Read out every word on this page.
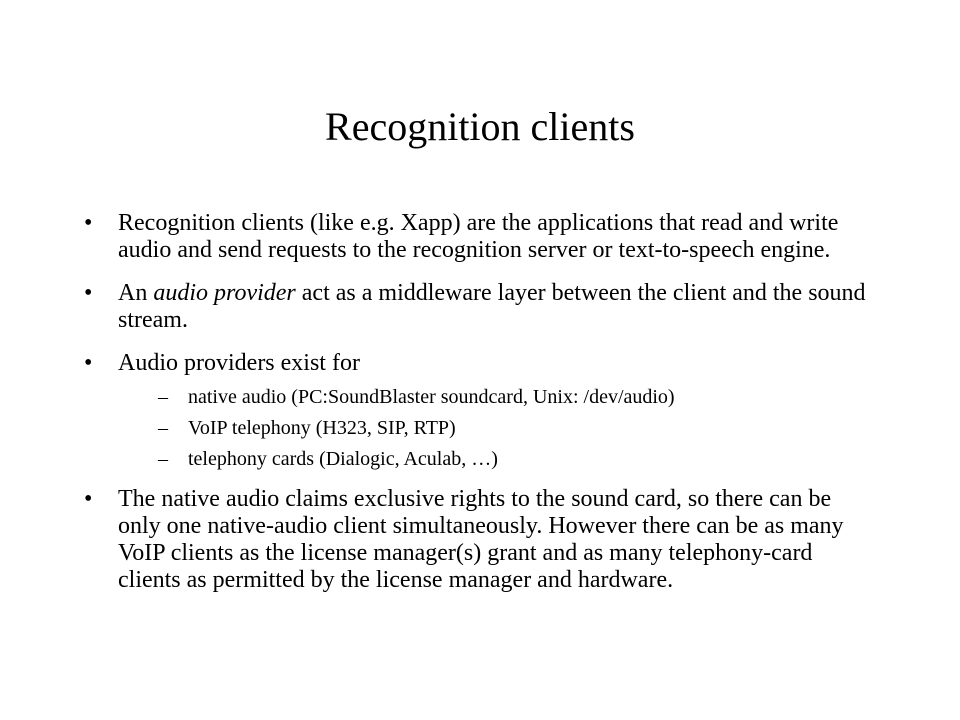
Recognition clients
• Recognition clients (like e.g. Xapp) are the applications that read and write audio and send requests to the recognition server or text-to-speech engine.
• An audio provider act as a middleware layer between the client and the sound stream.
• Audio providers exist for
– native audio (PC:SoundBlaster soundcard, Unix: /dev/audio)
– VoIP telephony (H323, SIP, RTP)
– telephony cards (Dialogic, Aculab, …)
• The native audio claims exclusive rights to the sound card, so there can be only one native-audio client simultaneously. However there can be as many VoIP clients as the license manager(s) grant and as many telephony-card clients as permitted by the license manager and hardware.
